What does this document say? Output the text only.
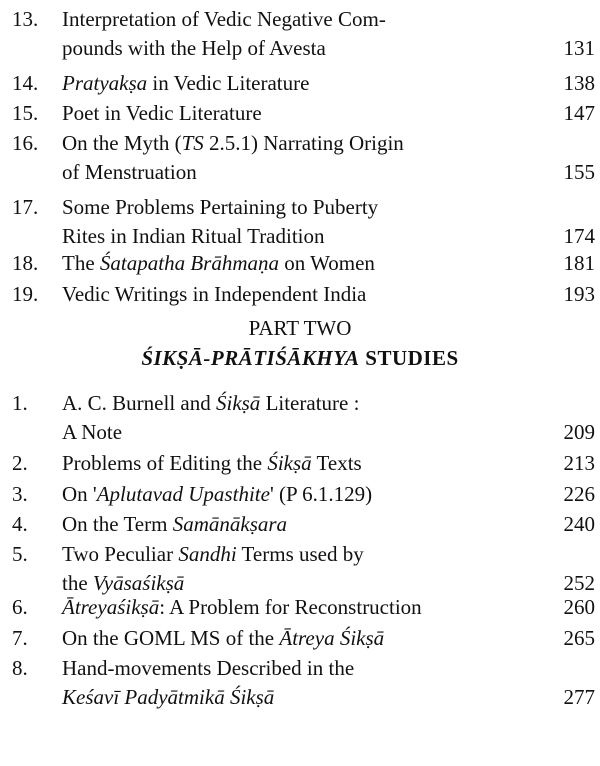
13. Interpretation of Vedic Negative Com-
pounds with the Help of Avesta	131
14. Pratyakṣa in Vedic Literature	138
15. Poet in Vedic Literature	147
16. On the Myth (TS 2.5.1) Narrating Origin
of Menstruation	155
17. Some Problems Pertaining to Puberty
Rites in Indian Ritual Tradition	174
18. The Śatapatha Brāhmaṇa on Women	181
19. Vedic Writings in Independent India	193
PART TWO
ŚIKṢĀ-PRĀTIŚĀKHYA STUDIES
1. A. C. Burnell and Śikṣā Literature :
A Note	209
2. Problems of Editing the Śikṣā Texts	213
3. On 'Aplutavad Upasthite' (P 6.1.129)	226
4. On the Term Samānākṣara	240
5. Two Peculiar Sandhi Terms used by
the Vyāsaśikṣā	252
6. Ātreyaśikṣā: A Problem for Reconstruction	260
7. On the GOML MS of the Ātreya Śikṣā	265
8. Hand-movements Described in the
Keśavī Padyātmikā Śikṣā	277
